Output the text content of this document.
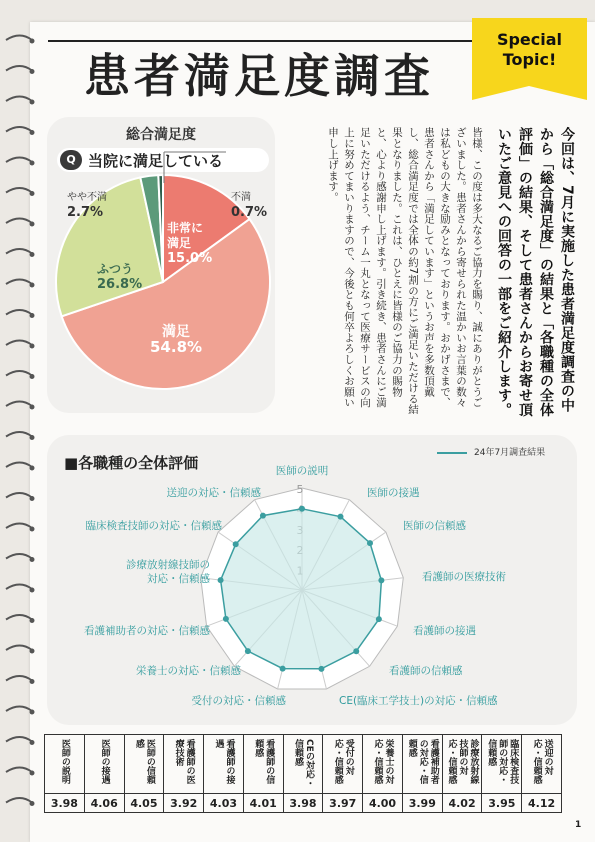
患者満足度調査
Special
Topic!
総合満足度
Q 当院に満足している
非常に
満足
15.0%
満足
54.8%
ふつう
26.8%
やや不満
2.7%
不満
0.7%	今回は、7月に実施した患者満足度調査の中から「総合満足度」の結果と「各職種の全体評価」の結果、そして患者さんからお寄せ頂いたご意見への回答の一部をご紹介します。
皆様、この度は多大なるご協力を賜り、誠にありがとうございました。患者さんから寄せられた温かいお言葉の数々は私どもの大きな励みとなっております。おかげさまで、患者さんから「満足しています」というお声を多数頂戴し、総合満足度では全体の約7割の方にご満足いただける結果となりました。これは、ひとえに皆様のご協力の賜物と、心より感謝申し上げます。引き続き、患者さんにご満足いただけるよう、チーム一丸となって医療サービスの向上に努めてまいりますので、今後とも何卒よろしくお願い申し上げます。
■各職種の全体評価
24年7月調査結果
5
医師の説明
医師の接遇
医師の信頼感
看護師の医療技術
看護師の接遇
看護師の信頼感
CE(臨床工学技士)の対応・信頼感
受付の対応・信頼感
栄養士の対応・信頼感
看護補助者の対応・信頼感
診療放射線技師の
対応・信頼感
臨床検査技師の対応・信頼感
送迎の対応・信頼感
医師の説明	医師の接遇	医師の信頼感	看護師の医療技術	看護師の接遇	看護師の信頼感	CEの対応・信頼感	受付の対応・信頼感	栄養士の対応・信頼感	看護補助者の対応・信頼感	診療放射線技師の対応・信頼感	臨床検査技師の対応・信頼感	送迎の対応・信頼感

3.98	4.06	4.05	3.92	4.03	4.01	3.98	3.97	4.00	3.99	4.02	3.95	4.12
1
